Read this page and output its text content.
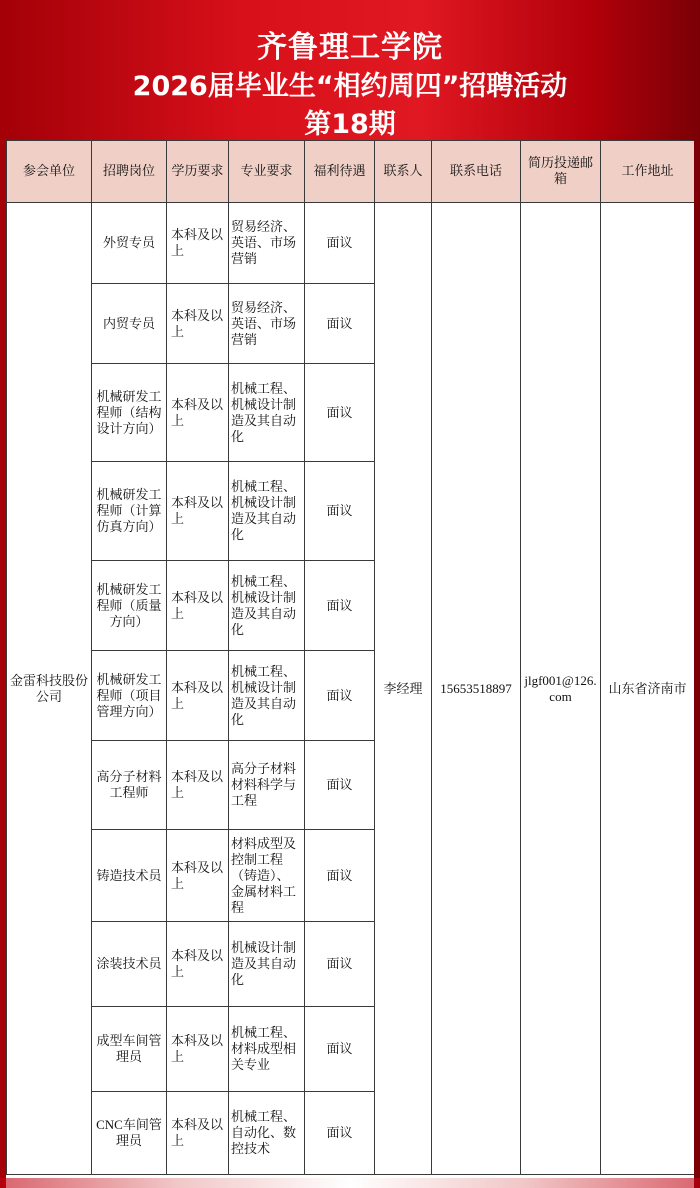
齐鲁理工学院
2026届毕业生“相约周四”招聘活动
第18期
参会单位	招聘岗位	学历要求	专业要求	福利待遇	联系人	联系电话	简历投递邮箱	工作地址
金雷科技股份公司	外贸专员	本科及以上	贸易经济、英语、市场营销	面议	李经理	15653518897	jlgf001@126.com	山东省济南市
	内贸专员	本科及以上	贸易经济、英语、市场营销	面议				
	机械研发工程师（结构设计方向）	本科及以上	机械工程、机械设计制造及其自动化	面议				
	机械研发工程师（计算仿真方向）	本科及以上	机械工程、机械设计制造及其自动化	面议				
	机械研发工程师（质量方向）	本科及以上	机械工程、机械设计制造及其自动化	面议				
	机械研发工程师（项目管理方向）	本科及以上	机械工程、机械设计制造及其自动化	面议				
	高分子材料工程师	本科及以上	高分子材料材料科学与工程	面议				
	铸造技术员	本科及以上	材料成型及控制工程（铸造）、金属材料工程	面议				
	涂装技术员	本科及以上	机械设计制造及其自动化	面议				
	成型车间管理员	本科及以上	机械工程、材料成型相关专业	面议				
	CNC车间管理员	本科及以上	机械工程、自动化、数控技术	面议				
